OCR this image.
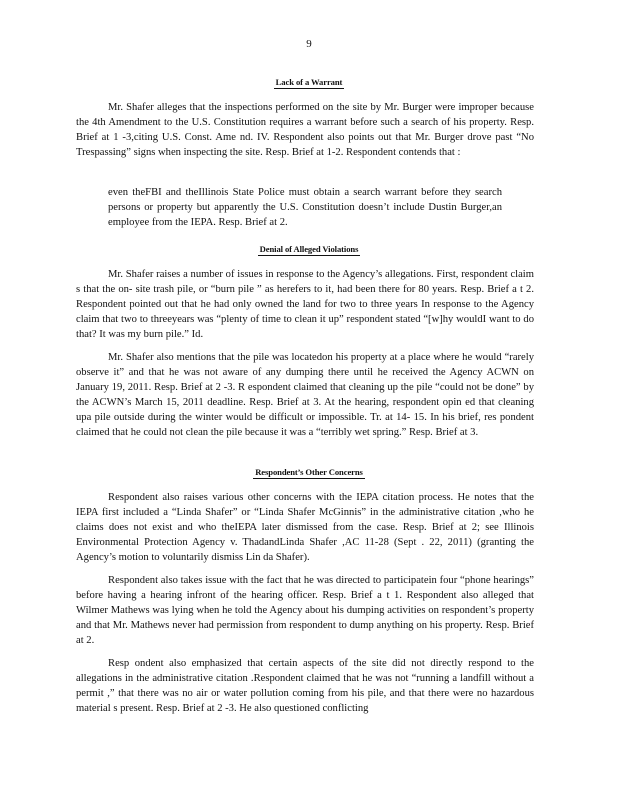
9
Lack of a Warrant

Mr. Shafer alleges that the inspections performed on the site by Mr. Burger were improper because the 4th Amendment to the U.S. Constitution requires a warrant before such a search of his property. Resp. Brief at 1 -3,citing U.S. Const. Ame nd. IV. Respondent also points out that Mr. Burger drove past “No Trespassing” signs when inspecting the site. Resp. Brief at 1-2. Respondent contends that :

even theFBI and theIllinois State Police must obtain a search warrant before they search persons or property but apparently the U.S. Constitution doesn’t include Dustin Burger,an employee from the IEPA. Resp. Brief at 2.

Denial of Alleged Violations

Mr. Shafer raises a number of issues in response to the Agency’s allegations. First, respondent claim s that the on- site trash pile, or “burn pile ” as herefers to it, had been there for 80 years. Resp. Brief a t 2. Respondent pointed out that he had only owned the land for two to three years In response to the Agency claim that two to threeyears was “plenty of time to clean it up” respondent stated “[w]hy wouldI want to do that? It was my burn pile.” Id.

Mr. Shafer also mentions that the pile was locatedon his property at a place where he would “rarely observe it” and that he was not aware of any dumping there until he received the Agency ACWN on January 19, 2011. Resp. Brief at 2 -3. R espondent claimed that cleaning up the pile “could not be done” by the ACWN’s March 15, 2011 deadline. Resp. Brief at 3. At the hearing, respondent opin ed that cleaning upa pile outside during the winter would be difficult or impossible. Tr. at 14- 15. In his brief, res pondent claimed that he could not clean the pile because it was a “terribly wet spring.” Resp. Brief at 3.

Respondent’s Other Concerns

Respondent also raises various other concerns with the IEPA citation process. He notes that the IEPA first included a “Linda Shafer” or “Linda Shafer McGinnis” in the administrative citation ,who he claims does not exist and who theIEPA later dismissed from the case. Resp. Brief at 2; see Illinois Environmental Protection Agency v. ThadandLinda Shafer ,AC 11-28 (Sept . 22, 2011) (granting the Agency’s motion to voluntarily dismiss Lin da Shafer).

Respondent also takes issue with the fact that he was directed to participatein four “phone hearings” before having a hearing infront of the hearing officer. Resp. Brief a t 1. Respondent also alleged that Wilmer Mathews was lying when he told the Agency about his dumping activities on respondent’s property and that Mr. Mathews never had permission from respondent to dump anything on his property. Resp. Brief at 2.

Resp ondent also emphasized that certain aspects of the site did not directly respond to the allegations in the administrative citation .Respondent claimed that he was not “running a landfill without a permit ,” that there was no air or water pollution coming from his pile, and that there were no hazardous material s present. Resp. Brief at 2 -3. He also questioned conflicting
